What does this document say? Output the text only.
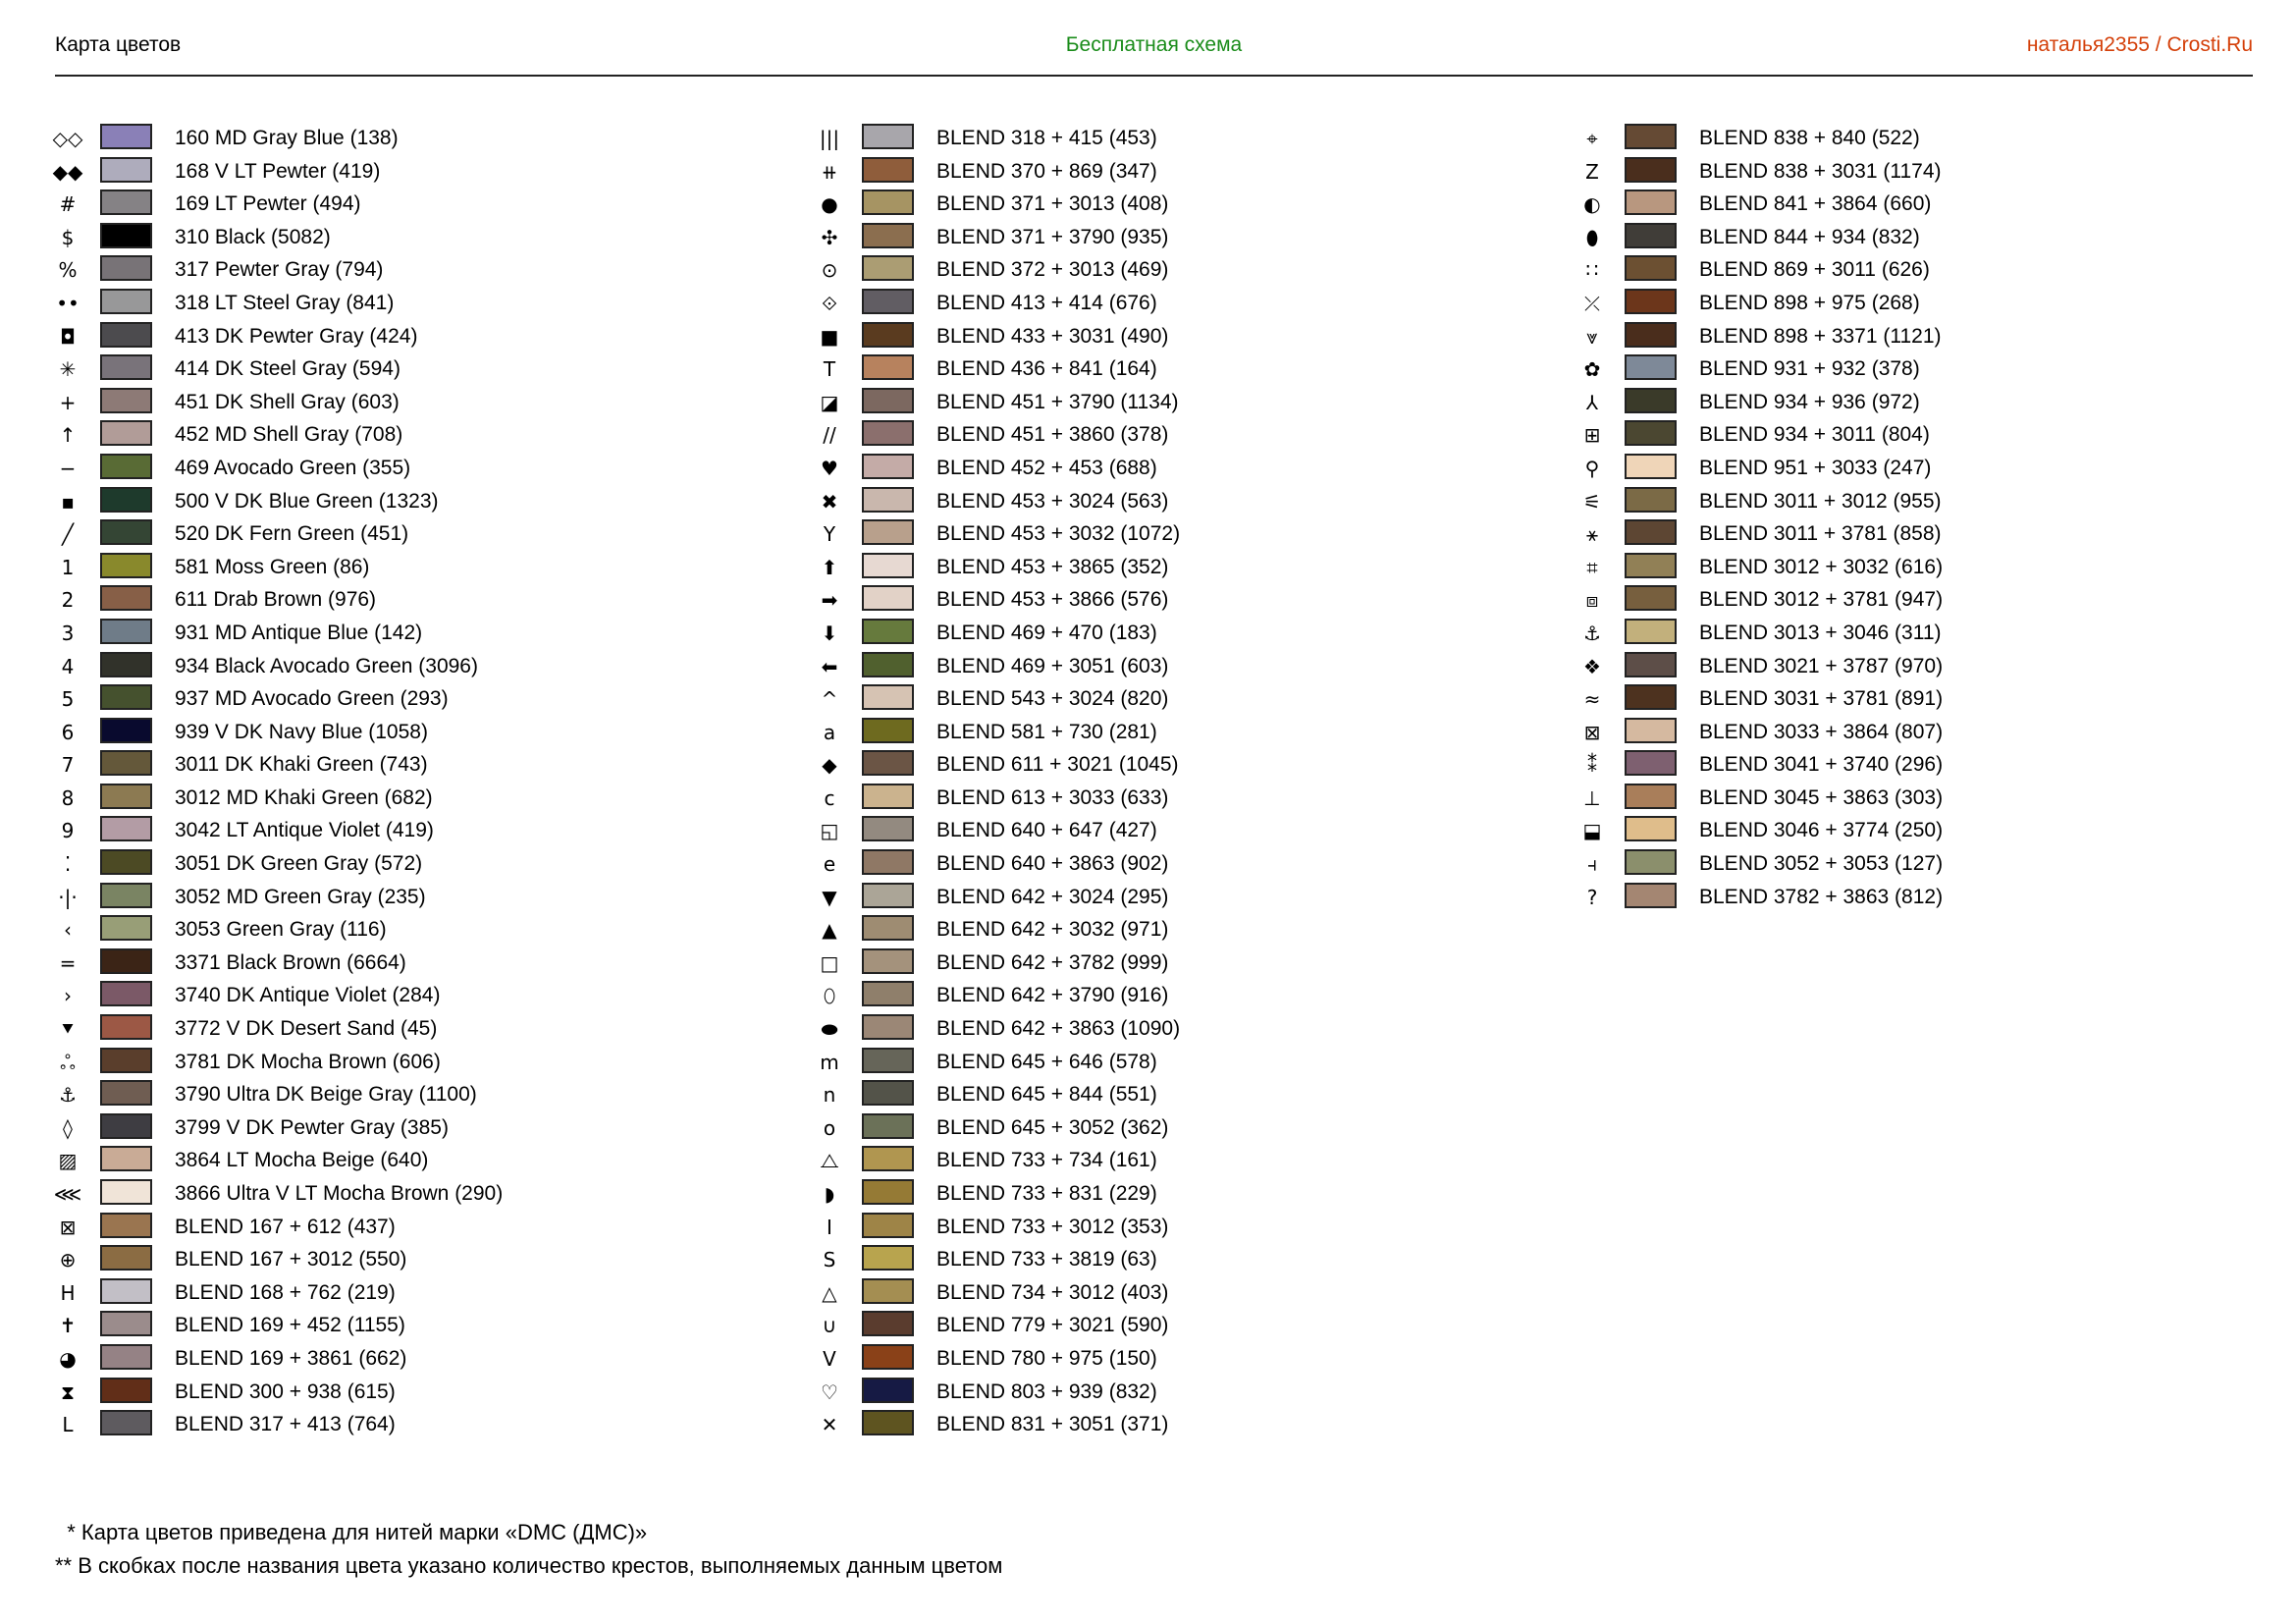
Карта цветов	Бесплатная схема	наталья2355 / Crosti.Ru
◇◇	160 MD Gray Blue (138)
◆◆	168 V LT Pewter (419)
#	169 LT Pewter (494)
$	310 Black (5082)
%	317 Pewter Gray (794)
••	318 LT Steel Gray (841)
◘	413 DK Pewter Gray (424)
✳	414 DK Steel Gray (594)
+	451 DK Shell Gray (603)
↑	452 MD Shell Gray (708)
−	469 Avocado Green (355)
▪	500 V DK Blue Green (1323)
╱	520 DK Fern Green (451)
1	581 Moss Green (86)
2	611 Drab Brown (976)
3	931 MD Antique Blue (142)
4	934 Black Avocado Green (3096)
5	937 MD Avocado Green (293)
6	939 V DK Navy Blue (1058)
7	3011 DK Khaki Green (743)
8	3012 MD Khaki Green (682)
9	3042 LT Antique Violet (419)
⁚	3051 DK Green Gray (572)
·|·	3052 MD Green Gray (235)
‹	3053 Green Gray (116)
=	3371 Black Brown (6664)
›	3740 DK Antique Violet (284)
⯆	3772 V DK Desert Sand (45)
ஃ	3781 DK Mocha Brown (606)
⚓	3790 Ultra DK Beige Gray (1100)
◊	3799 V DK Pewter Gray (385)
▨	3864 LT Mocha Beige (640)
⋘	3866 Ultra V LT Mocha Brown (290)
⊠	BLEND 167 + 612 (437)
⊕	BLEND 167 + 3012 (550)
H	BLEND 168 + 762 (219)
✝	BLEND 169 + 452 (1155)
◕	BLEND 169 + 3861 (662)
⧗	BLEND 300 + 938 (615)
L	BLEND 317 + 413 (764)
|||	BLEND 318 + 415 (453)
⧺	BLEND 370 + 869 (347)
●	BLEND 371 + 3013 (408)
✣	BLEND 371 + 3790 (935)
⊙	BLEND 372 + 3013 (469)
⟐	BLEND 413 + 414 (676)
■	BLEND 433 + 3031 (490)
T	BLEND 436 + 841 (164)
◪	BLEND 451 + 3790 (1134)
//	BLEND 451 + 3860 (378)
♥	BLEND 452 + 453 (688)
✖	BLEND 453 + 3024 (563)
Y	BLEND 453 + 3032 (1072)
⬆	BLEND 453 + 3865 (352)
➡	BLEND 453 + 3866 (576)
⬇	BLEND 469 + 470 (183)
⬅	BLEND 469 + 3051 (603)
^	BLEND 543 + 3024 (820)
a	BLEND 581 + 730 (281)
◆	BLEND 611 + 3021 (1045)
c	BLEND 613 + 3033 (633)
◱	BLEND 640 + 647 (427)
e	BLEND 640 + 3863 (902)
▼	BLEND 642 + 3024 (295)
▲	BLEND 642 + 3032 (971)
□	BLEND 642 + 3782 (999)
⬯	BLEND 642 + 3790 (916)
⬬	BLEND 642 + 3863 (1090)
m	BLEND 645 + 646 (578)
n	BLEND 645 + 844 (551)
o	BLEND 645 + 3052 (362)
⧍	BLEND 733 + 734 (161)
◗	BLEND 733 + 831 (229)
I	BLEND 733 + 3012 (353)
S	BLEND 733 + 3819 (63)
△	BLEND 734 + 3012 (403)
∪	BLEND 779 + 3021 (590)
V	BLEND 780 + 975 (150)
♡	BLEND 803 + 939 (832)
✕	BLEND 831 + 3051 (371)
⌖	BLEND 838 + 840 (522)
Z	BLEND 838 + 3031 (1174)
◐	BLEND 841 + 3864 (660)
⬮	BLEND 844 + 934 (832)
∷	BLEND 869 + 3011 (626)
⤫	BLEND 898 + 975 (268)
⩔	BLEND 898 + 3371 (1121)
✿	BLEND 931 + 932 (378)
⅄	BLEND 934 + 936 (972)
⊞	BLEND 934 + 3011 (804)
⚲	BLEND 951 + 3033 (247)
⚟	BLEND 3011 + 3012 (955)
⚹	BLEND 3011 + 3781 (858)
⌗	BLEND 3012 + 3032 (616)
⧈	BLEND 3012 + 3781 (947)
⚓	BLEND 3013 + 3046 (311)
❖	BLEND 3021 + 3787 (970)
≈	BLEND 3031 + 3781 (891)
⊠	BLEND 3033 + 3864 (807)
⁑	BLEND 3041 + 3740 (296)
⊥	BLEND 3045 + 3863 (303)
⬓	BLEND 3046 + 3774 (250)
⫞	BLEND 3052 + 3053 (127)
?	BLEND 3782 + 3863 (812)
* Карта цветов приведена для нитей марки «DMC (ДМС)»
** В скобках после названия цвета указано количество крестов, выполняемых данным цветом
